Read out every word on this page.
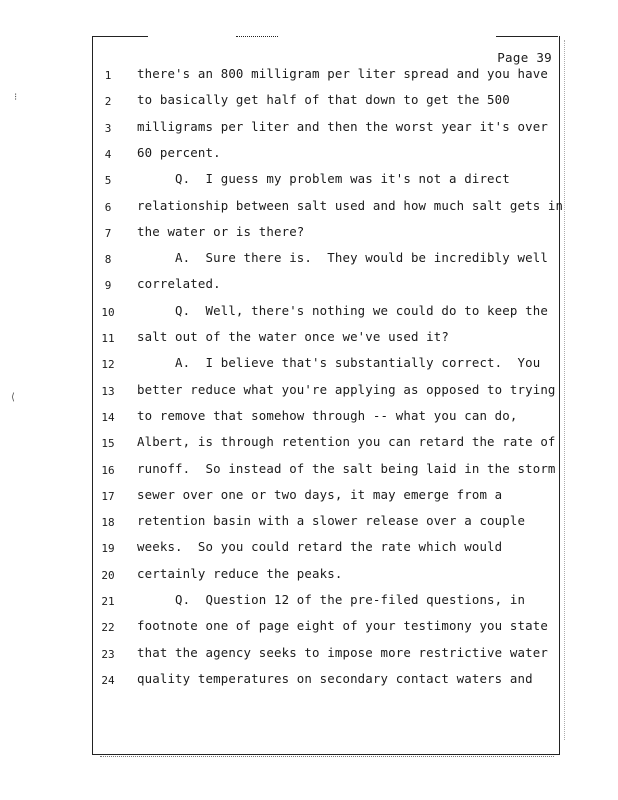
⁝
⟨
Page 39
1	there's an 800 milligram per liter spread and you have
2	to basically get half of that down to get the 500
3	milligrams per liter and then the worst year it's over
4	60 percent.
5	Q.  I guess my problem was it's not a direct
6	relationship between salt used and how much salt gets in
7	the water or is there?
8	A.  Sure there is.  They would be incredibly well
9	correlated.
10 Q.  Well, there's nothing we could do to keep the
11 salt out of the water once we've used it?
12 A.  I believe that's substantially correct.  You
13 better reduce what you're applying as opposed to trying
14 to remove that somehow through -- what you can do,
15 Albert, is through retention you can retard the rate of
16 runoff.  So instead of the salt being laid in the storm
17 sewer over one or two days, it may emerge from a
18 retention basin with a slower release over a couple
19 weeks.  So you could retard the rate which would
20 certainly reduce the peaks.
21 Q.  Question 12 of the pre-filed questions, in
22 footnote one of page eight of your testimony you state
23 that the agency seeks to impose more restrictive water
24 quality temperatures on secondary contact waters and
